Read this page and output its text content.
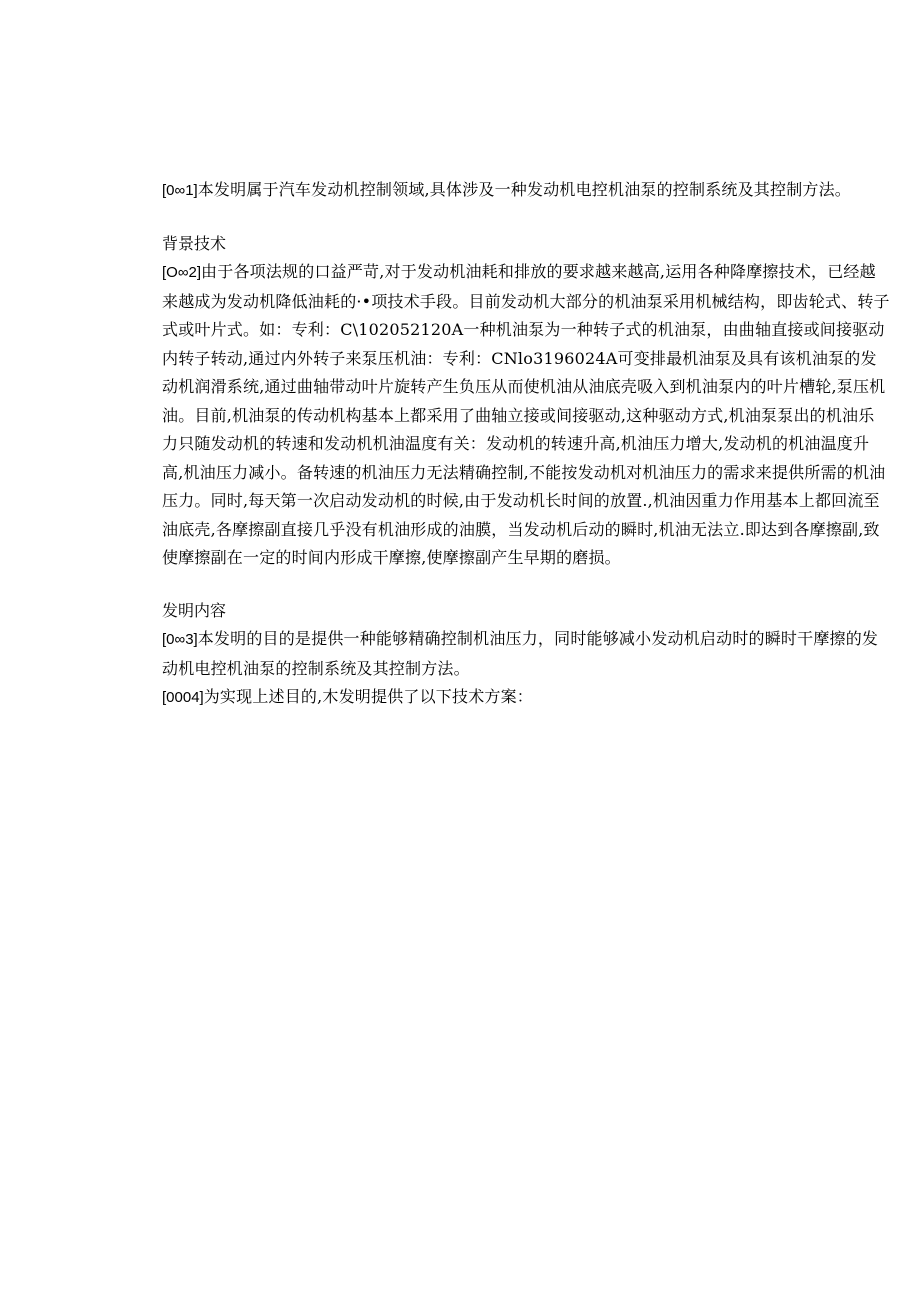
[0∞1]本发明属于汽车发动机控制领域,具体涉及一种发动机电控机油泵的控制系统及其控制方法。

背景技术

[O∞2]由于各项法规的口益严苛,对于发动机油耗和排放的要求越来越高,运用各种降摩擦技术，已经越来越成为发动机降低油耗的·•项技术手段。目前发动机大部分的机油泵采用机械结构，即齿轮式、转子式或叶片式。如：专利：C\102052120A一种机油泵为一种转子式的机油泵，由曲轴直接或间接驱动内转子转动,通过内外转子来泵压机油：专利：CNlo3196024A可变排最机油泵及具有该机油泵的发动机润滑系统,通过曲轴带动叶片旋转产生负压从而使机油从油底壳吸入到机油泵内的叶片槽轮,泵压机油。目前,机油泵的传动机构基本上都采用了曲轴立接或间接驱动,这种驱动方式,机油泵泵出的机油乐力只随发动机的转速和发动机机油温度有关：发动机的转速升高,机油压力增大,发动机的机油温度升高,机油压力减小。备转速的机油压力无法精确控制,不能按发动机对机油压力的需求来提供所需的机油压力。同时,每天第一次启动发动机的时候,由于发动机长时间的放置.,机油因重力作用基本上都回流至油底壳,各摩擦副直接几乎没有机油形成的油膜，当发动机后动的瞬时,机油无法立.即达到各摩擦副,致使摩擦副在一定的时间内形成干摩擦,使摩擦副产生早期的磨损。

发明内容

[0∞3]本发明的目的是提供一种能够精确控制机油压力，同时能够减小发动机启动时的瞬时干摩擦的发动机电控机油泵的控制系统及其控制方法。

[0004]为实现上述目的,木发明提供了以下技术方案：
